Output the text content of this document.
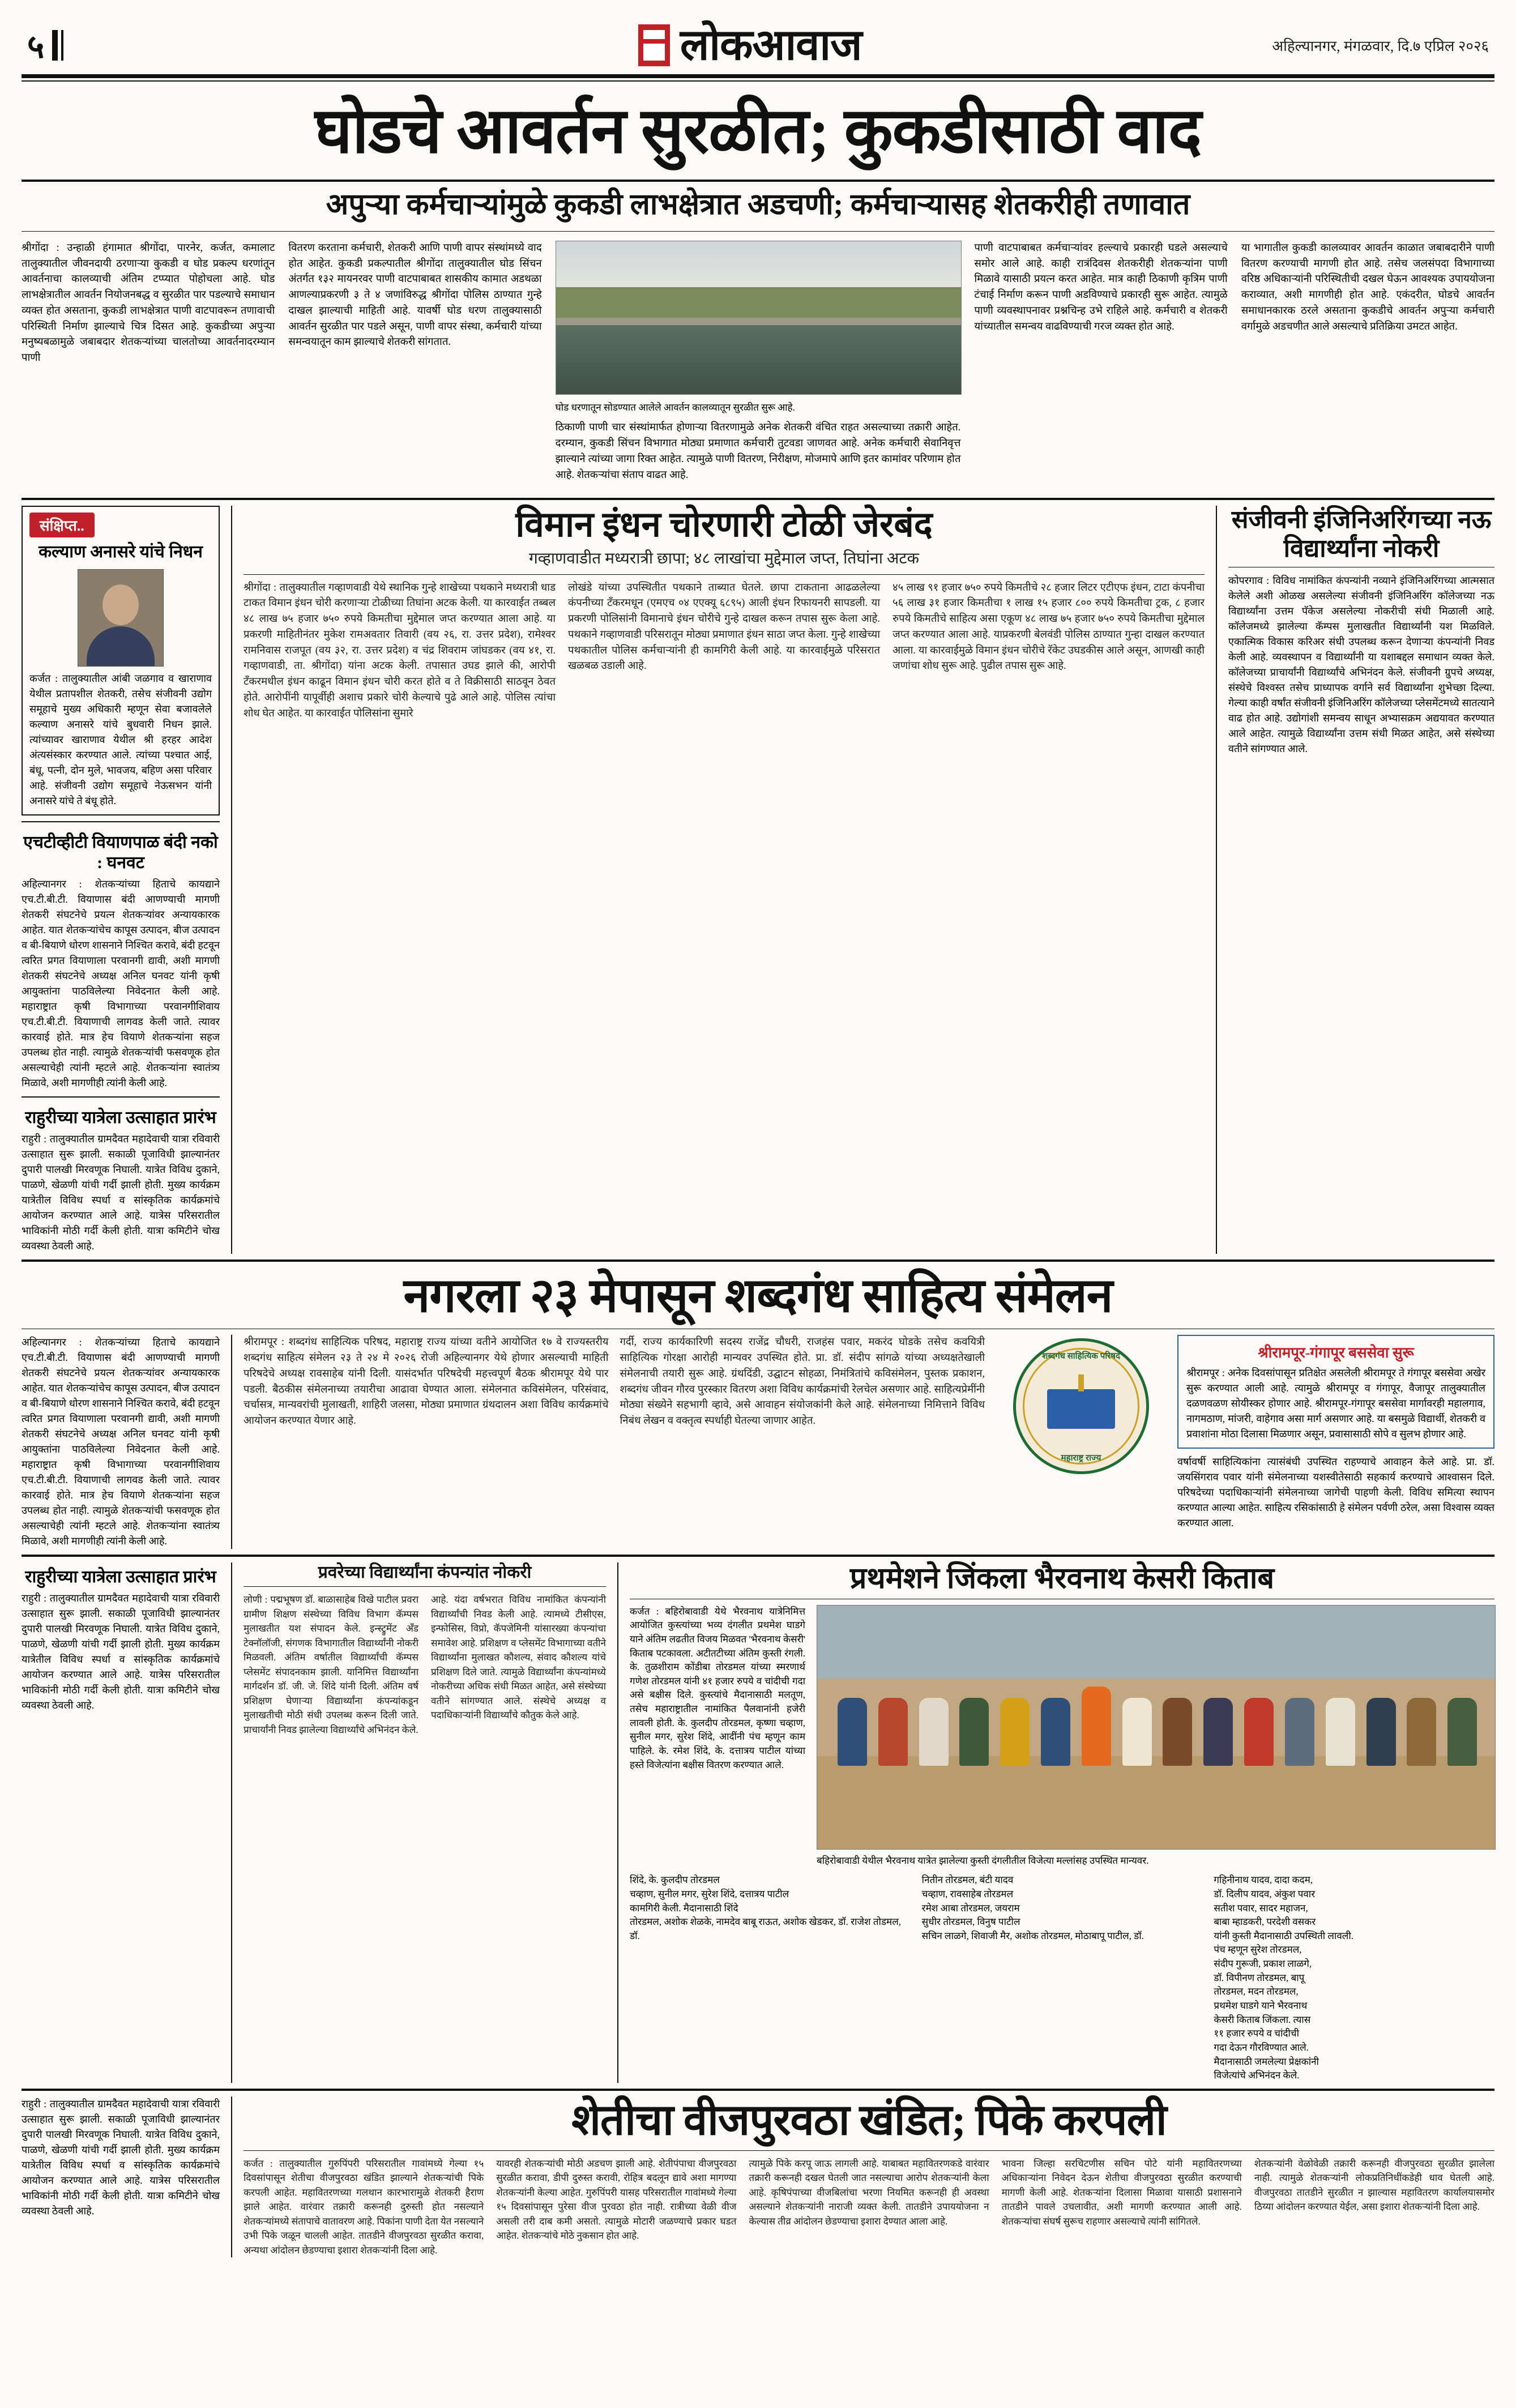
५	लोकआवाज	अहिल्यानगर, मंगळवार, दि.७ एप्रिल २०२६
घोडचे आवर्तन सुरळीत; कुकडीसाठी वाद
अपुऱ्या कर्मचाऱ्यांमुळे कुकडी लाभक्षेत्रात अडचणी; कर्मचाऱ्यासह शेतकरीही तणावात

श्रीगोंदा : उन्हाळी हंगामात श्रीगोंदा, पारनेर, कर्जत, कमालाट तालुक्यातील जीवनदायी ठरणाऱ्या कुकडी व घोड प्रकल्प धरणांतून आवर्तनाचा कालव्याची अंतिम टप्प्यात पोहोचला आहे. घोड लाभक्षेत्रातील आवर्तन नियोजनबद्ध व सुरळीत पार पडल्याचे समाधान व्यक्त होत असताना, कुकडी लाभक्षेत्रात पाणी वाटपावरून तणावाची परिस्थिती निर्माण झाल्याचे चित्र दिसत आहे. कुकडीच्या अपुऱ्या मनुष्यबळामुळे जबाबदार शेतकऱ्यांच्या चालतोच्या आवर्तनादरम्यान पाणी

वितरण करताना कर्मचारी, शेतकरी आणि पाणी वापर संस्थांमध्ये वाद होत आहेत. कुकडी प्रकल्पातील श्रीगोंदा तालुक्यातील घोड सिंचन अंतर्गत १३२ मायनरवर पाणी वाटपाबाबत शासकीय कामात अडथळा आणल्याप्रकरणी ३ ते ४ जणांविरुद्ध श्रीगोंदा पोलिस ठाण्यात गुन्हे दाखल झाल्याची माहिती आहे. यावर्षी घोड धरण तालुक्यासाठी आवर्तन सुरळीत पार पडले असून, पाणी वापर संस्था, कर्मचारी यांच्या समन्वयातून काम झाल्याचे शेतकरी सांगतात.

घोड धरणातून सोडण्यात आलेले आवर्तन कालव्यातून सुरळीत सुरू आहे.

ठिकाणी पाणी चार संस्थांमार्फत होणाऱ्या वितरणामुळे अनेक शेतकरी वंचित राहत असल्याच्या तक्रारी आहेत. दरम्यान, कुकडी सिंचन विभागात मोठ्या प्रमाणात कर्मचारी तुटवडा जाणवत आहे. अनेक कर्मचारी सेवानिवृत्त झाल्याने त्यांच्या जागा रिक्त आहेत. त्यामुळे पाणी वितरण, निरीक्षण, मोजमापे आणि इतर कामांवर परिणाम होत आहे. शेतकऱ्यांचा संताप वाढत आहे.

पाणी वाटपाबाबत कर्मचाऱ्यांवर हल्ल्याचे प्रकारही घडले असल्याचे समोर आले आहे. काही रात्रंदिवस शेतकरीही शेतकऱ्यांना पाणी मिळावे यासाठी प्रयत्न करत आहेत. मात्र काही ठिकाणी कृत्रिम पाणी टंचाई निर्माण करून पाणी अडविण्याचे प्रकारही सुरू आहेत. त्यामुळे पाणी व्यवस्थापनावर प्रश्नचिन्ह उभे राहिले आहे. कर्मचारी व शेतकरी यांच्यातील समन्वय वाढविण्याची गरज व्यक्त होत आहे.

या भागातील कुकडी कालव्यावर आवर्तन काळात जबाबदारीने पाणी वितरण करण्याची मागणी होत आहे. तसेच जलसंपदा विभागाच्या वरिष्ठ अधिकाऱ्यांनी परिस्थितीची दखल घेऊन आवश्यक उपाययोजना कराव्यात, अशी मागणीही होत आहे. एकंदरीत, घोडचे आवर्तन समाधानकारक ठरले असताना कुकडीचे आवर्तन अपुऱ्या कर्मचारी वर्गामुळे अडचणीत आले असल्याचे प्रतिक्रिया उमटत आहेत.

संक्षिप्त..
कल्याण अनासरे यांचे निधन
कर्जत : तालुक्यातील आंबी जळगाव व खाराणाव येथील प्रतापशील शेतकरी, तसेच संजीवनी उद्योग समूहाचे मुख्य अधिकारी म्हणून सेवा बजावलेले कल्याण अनासरे यांचे बुधवारी निधन झाले. त्यांच्यावर खाराणाव येथील श्री हरहर आदेश अंत्यसंस्कार करण्यात आले. त्यांच्या पश्चात आई, बंधू, पत्नी, दोन मुले, भावजय, बहिण असा परिवार आहे. संजीवनी उद्योग समूहाचे नेऊसभन यांनी अनासरे यांचे ते बंधू होते.
एचटीव्हीटी वियाणपाळ बंदी नको : घनवट
अहिल्यानगर : शेतकऱ्यांच्या हिताचे कायद्याने एच.टी.बी.टी. वियाणास बंदी आणण्याची मागणी शेतकरी संघटनेचे प्रयत्न शेतकऱ्यांवर अन्यायकारक आहेत. यात शेतकऱ्यांचेच कापूस उत्पादन, बीज उत्पादन व बी-बियाणे धोरण शासनाने निश्चित करावे, बंदी हटवून त्वरित प्रगत वियाणाला परवानगी द्यावी, अशी मागणी शेतकरी संघटनेचे अध्यक्ष अनिल घनवट यांनी कृषी आयुक्तांना पाठविलेल्या निवेदनात केली आहे. महाराष्ट्रात कृषी विभागाच्या परवानगीशिवाय एच.टी.बी.टी. वियाणाची लागवड केली जाते. त्यावर कारवाई होते. मात्र हेच वियाणे शेतकऱ्यांना सहज उपलब्ध होत नाही. त्यामुळे शेतकऱ्यांची फसवणूक होत असल्याचेही त्यांनी म्हटले आहे. शेतकऱ्यांना स्वातंत्र्य मिळावे, अशी मागणीही त्यांनी केली आहे.
राहुरीच्या यात्रेला उत्साहात प्रारंभ
राहुरी : तालुक्यातील ग्रामदैवत महादेवाची यात्रा रविवारी उत्साहात सुरू झाली. सकाळी पूजाविधी झाल्यानंतर दुपारी पालखी मिरवणूक निघाली. यात्रेत विविध दुकाने, पाळणे, खेळणी यांची गर्दी झाली होती. मुख्य कार्यक्रम यात्रेतील विविध स्पर्धा व सांस्कृतिक कार्यक्रमांचे आयोजन करण्यात आले आहे. यात्रेस परिसरातील भाविकांनी मोठी गर्दी केली होती. यात्रा कमिटीने चोख व्यवस्था ठेवली आहे.
विमान इंधन चोरणारी टोळी जेरबंद
गव्हाणवाडीत मध्यरात्री छापा; ४८ लाखांचा मुद्देमाल जप्त, तिघांना अटक
श्रीगोंदा : तालुक्यातील गव्हाणवाडी येथे स्थानिक गुन्हे शाखेच्या पथकाने मध्यरात्री धाड टाकत विमान इंधन चोरी करणाऱ्या टोळीच्या तिघांना अटक केली. या कारवाईत तब्बल ४८ लाख ७५ हजार ७५० रुपये किमतीचा मुद्देमाल जप्त करण्यात आला आहे. या प्रकरणी माहितीनंतर मुकेश रामअवतार तिवारी (वय २६, रा. उत्तर प्रदेश), रामेश्वर रामनिवास राजपूत (वय ३२, रा. उत्तर प्रदेश) व चंद्र शिवराम जांघडकर (वय ४१, रा. गव्हाणवाडी, ता. श्रीगोंदा) यांना अटक केली. तपासात उघड झाले की, आरोपी टँकरमधील इंधन काढून विमान इंधन चोरी करत होते व ते विक्रीसाठी साठवून ठेवत होते. आरोपींनी यापूर्वीही अशाच प्रकारे चोरी केल्याचे पुढे आले आहे. पोलिस त्यांचा शोध घेत आहेत. या कारवाईत पोलिसांना सुमारे
लोखंडे यांच्या उपस्थितीत पथकाने ताब्यात घेतले. छापा टाकताना आढळलेल्या कंपनीच्या टँकरमधून (एमएच ०४ एएक्यू ६८९५) आली इंधन रिफायनरी सापडली. या प्रकरणी पोलिसांनी विमानाचे इंधन चोरीचे गुन्हे दाखल करून तपास सुरू केला आहे. पथकाने गव्हाणवाडी परिसरातून मोठ्या प्रमाणात इंधन साठा जप्त केला. गुन्हे शाखेच्या पथकातील पोलिस कर्मचाऱ्यांनी ही कामगिरी केली आहे. या कारवाईमुळे परिसरात खळबळ उडाली आहे.
४५ लाख ९१ हजार ७५० रुपये किमतीचे २८ हजार लिटर एटीएफ इंधन, टाटा कंपनीचा ५६ लाख ३१ हजार किमतीचा १ लाख १५ हजार ८०० रुपये किमतीचा ट्रक, ८ हजार रुपये किमतीचे साहित्य असा एकूण ४८ लाख ७५ हजार ७५० रुपये किमतीचा मुद्देमाल जप्त करण्यात आला आहे. याप्रकरणी बेलवंडी पोलिस ठाण्यात गुन्हा दाखल करण्यात आला. या कारवाईमुळे विमान इंधन चोरीचे रॅकेट उघडकीस आले असून, आणखी काही जणांचा शोध सुरू आहे. पुढील तपास सुरू आहे.
संजीवनी इंजिनिअरिंगच्या नऊ विद्यार्थ्यांना नोकरी
कोपरगाव : विविध नामांकित कंपन्यांनी नव्याने इंजिनिअरिंगच्या आत्मसात केलेले अशी ओळख असलेल्या संजीवनी इंजिनिअरिंग कॉलेजच्या नऊ विद्यार्थ्यांना उत्तम पॅकेज असलेल्या नोकरीची संधी मिळाली आहे. कॉलेजमध्ये झालेल्या कॅम्पस मुलाखतीत विद्यार्थ्यांनी यश मिळविले. एकात्मिक विकास करिअर संधी उपलब्ध करून देणाऱ्या कंपन्यांनी निवड केली आहे. व्यवस्थापन व विद्यार्थ्यांनी या यशाबद्दल समाधान व्यक्त केले. कॉलेजच्या प्राचार्यांनी विद्यार्थ्यांचे अभिनंदन केले. संजीवनी ग्रुपचे अध्यक्ष, संस्थेचे विश्वस्त तसेच प्राध्यापक वर्गाने सर्व विद्यार्थ्यांना शुभेच्छा दिल्या. गेल्या काही वर्षांत संजीवनी इंजिनिअरिंग कॉलेजच्या प्लेसमेंटमध्ये सातत्याने वाढ होत आहे. उद्योगांशी समन्वय साधून अभ्यासक्रम अद्ययावत करण्यात आले आहेत. त्यामुळे विद्यार्थ्यांना उत्तम संधी मिळत आहेत, असे संस्थेच्या वतीने सांगण्यात आले.
नगरला २३ मेपासून शब्दगंध साहित्य संमेलन
अहिल्यानगर : शेतकऱ्यांच्या हिताचे कायद्याने एच.टी.बी.टी. वियाणास बंदी आणण्याची मागणी शेतकरी संघटनेचे प्रयत्न शेतकऱ्यांवर अन्यायकारक आहेत. यात शेतकऱ्यांचेच कापूस उत्पादन, बीज उत्पादन व बी-बियाणे धोरण शासनाने निश्चित करावे, बंदी हटवून त्वरित प्रगत वियाणाला परवानगी द्यावी, अशी मागणी शेतकरी संघटनेचे अध्यक्ष अनिल घनवट यांनी कृषी आयुक्तांना पाठविलेल्या निवेदनात केली आहे. महाराष्ट्रात कृषी विभागाच्या परवानगीशिवाय एच.टी.बी.टी. वियाणाची लागवड केली जाते. त्यावर कारवाई होते. मात्र हेच वियाणे शेतकऱ्यांना सहज उपलब्ध होत नाही. त्यामुळे शेतकऱ्यांची फसवणूक होत असल्याचेही त्यांनी म्हटले आहे. शेतकऱ्यांना स्वातंत्र्य मिळावे, अशी मागणीही त्यांनी केली आहे.
श्रीरामपूर : शब्दगंध साहित्यिक परिषद, महाराष्ट्र राज्य यांच्या वतीने आयोजित १७ वे राज्यस्तरीय शब्दगंध साहित्य संमेलन २३ ते २४ मे २०२६ रोजी अहिल्यानगर येथे होणार असल्याची माहिती परिषदेचे अध्यक्ष रावसाहेब यांनी दिली. यासंदर्भात परिषदेची महत्त्वपूर्ण बैठक श्रीरामपूर येथे पार पडली. बैठकीस संमेलनाच्या तयारीचा आढावा घेण्यात आला. संमेलनात कविसंमेलन, परिसंवाद, चर्चासत्र, मान्यवरांची मुलाखती, शाहिरी जलसा, मोठ्या प्रमाणात ग्रंथदालन अशा विविध कार्यक्रमांचे आयोजन करण्यात येणार आहे.
गर्दी, राज्य कार्यकारिणी सदस्य राजेंद्र चौधरी, राजहंस पवार, मकरंद घोडके तसेच कवयित्री साहित्यिक गोरक्षा आरोही मान्यवर उपस्थित होते. प्रा. डॉ. संदीप सांगळे यांच्या अध्यक्षतेखाली संमेलनाची तयारी सुरू आहे. ग्रंथदिंडी, उद्घाटन सोहळा, निमंत्रितांचे कविसंमेलन, पुस्तक प्रकाशन, शब्दगंध जीवन गौरव पुरस्कार वितरण अशा विविध कार्यक्रमांची रेलचेल असणार आहे. साहित्यप्रेमींनी मोठ्या संख्येने सहभागी व्हावे, असे आवाहन संयोजकांनी केले आहे. संमेलनाच्या निमित्ताने विविध निबंध लेखन व वक्तृत्व स्पर्धाही घेतल्या जाणार आहेत.
शब्दगंध साहित्यिक परिषद
महाराष्ट्र राज्य
श्रीरामपूर-गंगापूर बससेवा सुरू
श्रीरामपूर : अनेक दिवसांपासून प्रतिक्षेत असलेली श्रीरामपूर ते गंगापूर बससेवा अखेर सुरू करण्यात आली आहे. त्यामुळे श्रीरामपूर व गंगापूर, वैजापूर तालुक्यातील दळणवळण सोयीस्कर होणार आहे. श्रीरामपूर-गंगापूर बससेवा मार्गावरही महालगाव, नागमठाण, मांजरी, वाहेगाव असा मार्ग असणार आहे. या बसमुळे विद्यार्थी, शेतकरी व प्रवाशांना मोठा दिलासा मिळणार असून, प्रवासासाठी सोपे व सुलभ होणार आहे.
वर्षावर्षी साहित्यिकांना त्यासंबंधी उपस्थित राहण्याचे आवाहन केले आहे. प्रा. डॉ. जयसिंगराव पवार यांनी संमेलनाच्या यशस्वीतेसाठी सहकार्य करण्याचे आश्वासन दिले. परिषदेच्या पदाधिकाऱ्यांनी संमेलनाच्या जागेची पाहणी केली. विविध समित्या स्थापन करण्यात आल्या आहेत. साहित्य रसिकांसाठी हे संमेलन पर्वणी ठरेल, असा विश्वास व्यक्त करण्यात आला.
राहुरीच्या यात्रेला उत्साहात प्रारंभ
राहुरी : तालुक्यातील ग्रामदैवत महादेवाची यात्रा रविवारी उत्साहात सुरू झाली. सकाळी पूजाविधी झाल्यानंतर दुपारी पालखी मिरवणूक निघाली. यात्रेत विविध दुकाने, पाळणे, खेळणी यांची गर्दी झाली होती. मुख्य कार्यक्रम यात्रेतील विविध स्पर्धा व सांस्कृतिक कार्यक्रमांचे आयोजन करण्यात आले आहे. यात्रेस परिसरातील भाविकांनी मोठी गर्दी केली होती. यात्रा कमिटीने चोख व्यवस्था ठेवली आहे.
प्रवरेच्या विद्यार्थ्यांना कंपन्यांत नोकरी
लोणी : पद्मभूषण डॉ. बाळासाहेब विखे पाटील प्रवरा ग्रामीण शिक्षण संस्थेच्या विविध विभाग कॅम्पस मुलाखतीत यश संपादन केले. इन्स्ट्रुमेंट अँड टेक्नॉलॉजी, संगणक विभागातील विद्यार्थ्यांनी नोकरी मिळवली. अंतिम वर्षातील विद्यार्थ्यांची कॅम्पस प्लेसमेंट संपादनकाम झाली. यानिमित्त विद्यार्थ्यांना मार्गदर्शन डॉ. जी. जे. शिंदे यांनी दिली. अंतिम वर्ष प्रशिक्षण घेणाऱ्या विद्यार्थ्यांना कंपन्यांकडून मुलाखतीची मोठी संधी उपलब्ध करून दिली जाते. प्राचार्यांनी निवड झालेल्या विद्यार्थ्यांचे अभिनंदन केले.
आहे. यंदा वर्षभरात विविध नामांकित कंपन्यांनी विद्यार्थ्यांची निवड केली आहे. त्यामध्ये टीसीएस, इन्फोसिस, विप्रो, कॅपजेमिनी यांसारख्या कंपन्यांचा समावेश आहे. प्रशिक्षण व प्लेसमेंट विभागाच्या वतीने विद्यार्थ्यांना मुलाखत कौशल्य, संवाद कौशल्य यांचे प्रशिक्षण दिले जाते. त्यामुळे विद्यार्थ्यांना कंपन्यांमध्ये नोकरीच्या अधिक संधी मिळत आहेत, असे संस्थेच्या वतीने सांगण्यात आले. संस्थेचे अध्यक्ष व पदाधिकाऱ्यांनी विद्यार्थ्यांचे कौतुक केले आहे.
प्रथमेशने जिंकला भैरवनाथ केसरी किताब
कर्जत : बहिरोबावाडी येथे भैरवनाथ यात्रेनिमित्त आयोजित कुस्त्यांच्या भव्य दंगलीत प्रथमेश घाडगे याने अंतिम लढतीत विजय मिळवत 'भैरवनाथ केसरी' किताब पटकावला. अटीतटीच्या अंतिम कुस्ती रंगली. के. तुळशीराम कोंडीबा तोरडमल यांच्या स्मरणार्थ गणेश तोरडमल यांनी ४१ हजार रुपये व चांदीची गदा असे बक्षीस दिले. कुस्त्यांचे मैदानासाठी मलतूण, तसेच महाराष्ट्रातील नामांकित पैलवानांनी हजेरी लावली होती. के. कुलदीप तोरडमल, कृष्णा चव्हाण, सुनील मगर, सुरेश शिंदे, आदींनी पंच म्हणून काम पाहिले. के. रमेश शिंदे, के. दत्तात्रय पाटील यांच्या हस्ते विजेत्यांना बक्षीस वितरण करण्यात आले.
बहिरोबावाडी येथील भैरवनाथ यात्रेत झालेल्या कुस्ती दंगलीतील विजेत्या मल्लांसह उपस्थित मान्यवर.
शिंदे, के. कुलदीप तोरडमल
चव्हाण, सुनील मगर, सुरेश शिंदे, दत्तात्रय पाटील
कामगिरी केली. मैदानासाठी शिंदे
तोरडमल, अशोक शेळके, नामदेव बाबू राऊत, अशोक खेडकर, डॉ. राजेश तोडमल, डॉ.
नितीन तोरडमल, बंटी यादव
चव्हाण, रावसाहेब तोरडमल
रमेश आबा तोरडमल, जयराम
सुधीर तोरडमल, विनुष पाटील
सचिन लाळगे, शिवाजी मैर, अशोक तोरडमल, मोठाबापू पाटील, डॉ.
गहिनीनाथ यादव, दादा कदम,
डॉ. दिलीप यादव, अंकुश पवार
सतीश पवार, सादर महाजन,
बाबा म्हाडकरी, परदेशी वसकर
यांनी कुस्ती मैदानासाठी उपस्थिती लावली.
पंच म्हणून सुरेश तोरडमल,
संदीप गुरूजी, प्रकाश लाळगे,
डॉ. विपीनण तोरडमल, बापू
तोरडमल, मदन तोरडमल,
प्रथमेश घाडगे याने भैरवनाथ
केसरी किताब जिंकला. त्यास
११ हजार रुपये व चांदीची
गदा देऊन गौरविण्यात आले.
मैदानासाठी जमलेल्या प्रेक्षकांनी
विजेत्यांचे अभिनंदन केले.
राहुरी : तालुक्यातील ग्रामदैवत महादेवाची यात्रा रविवारी उत्साहात सुरू झाली. सकाळी पूजाविधी झाल्यानंतर दुपारी पालखी मिरवणूक निघाली. यात्रेत विविध दुकाने, पाळणे, खेळणी यांची गर्दी झाली होती. मुख्य कार्यक्रम यात्रेतील विविध स्पर्धा व सांस्कृतिक कार्यक्रमांचे आयोजन करण्यात आले आहे. यात्रेस परिसरातील भाविकांनी मोठी गर्दी केली होती. यात्रा कमिटीने चोख व्यवस्था ठेवली आहे.
शेतीचा वीजपुरवठा खंडित; पिके करपली
कर्जत : तालुक्यातील गुरुपिंपरी परिसरातील गावांमध्ये गेल्या १५ दिवसांपासून शेतीचा वीजपुरवठा खंडित झाल्याने शेतकऱ्यांची पिके करपली आहेत. महावितरणच्या गलथान कारभारामुळे शेतकरी हैराण झाले आहेत. वारंवार तक्रारी करूनही दुरुस्ती होत नसल्याने शेतकऱ्यांमध्ये संतापाचे वातावरण आहे. पिकांना पाणी देता येत नसल्याने उभी पिके जळून चालली आहेत. तातडीने वीजपुरवठा सुरळीत करावा, अन्यथा आंदोलन छेडण्याचा इशारा शेतकऱ्यांनी दिला आहे.
यावरही शेतकऱ्यांची मोठी अडचण झाली आहे. शेतीपंपाचा वीजपुरवठा सुरळीत करावा, डीपी दुरुस्त करावी, रोहित्र बदलून द्यावे अशा मागण्या शेतकऱ्यांनी केल्या आहेत. गुरुपिंपरी यासह परिसरातील गावांमध्ये गेल्या १५ दिवसांपासून पुरेसा वीज पुरवठा होत नाही. रात्रीच्या वेळी वीज असली तरी दाब कमी असतो. त्यामुळे मोटारी जळण्याचे प्रकार घडत आहेत. शेतकऱ्यांचे मोठे नुकसान होत आहे.
त्यामुळे पिके करपू जाऊ लागली आहे. याबाबत महावितरणकडे वारंवार तक्रारी करूनही दखल घेतली जात नसल्याचा आरोप शेतकऱ्यांनी केला आहे. कृषिपंपाच्या वीजबिलांचा भरणा नियमित करूनही ही अवस्था असल्याने शेतकऱ्यांनी नाराजी व्यक्त केली. तातडीने उपाययोजना न केल्यास तीव्र आंदोलन छेडण्याचा इशारा देण्यात आला आहे.
भावना जिल्हा सरचिटणीस सचिन पोटे यांनी महावितरणच्या अधिकाऱ्यांना निवेदन देऊन शेतीचा वीजपुरवठा सुरळीत करण्याची मागणी केली आहे. शेतकऱ्यांना दिलासा मिळावा यासाठी प्रशासनाने तातडीने पावले उचलावीत, अशी मागणी करण्यात आली आहे. शेतकऱ्यांचा संघर्ष सुरूच राहणार असल्याचे त्यांनी सांगितले.
शेतकऱ्यांनी वेळोवेळी तक्रारी करूनही वीजपुरवठा सुरळीत झालेला नाही. त्यामुळे शेतकऱ्यांनी लोकप्रतिनिधींकडेही धाव घेतली आहे. वीजपुरवठा तातडीने सुरळीत न झाल्यास महावितरण कार्यालयासमोर ठिय्या आंदोलन करण्यात येईल, असा इशारा शेतकऱ्यांनी दिला आहे.
